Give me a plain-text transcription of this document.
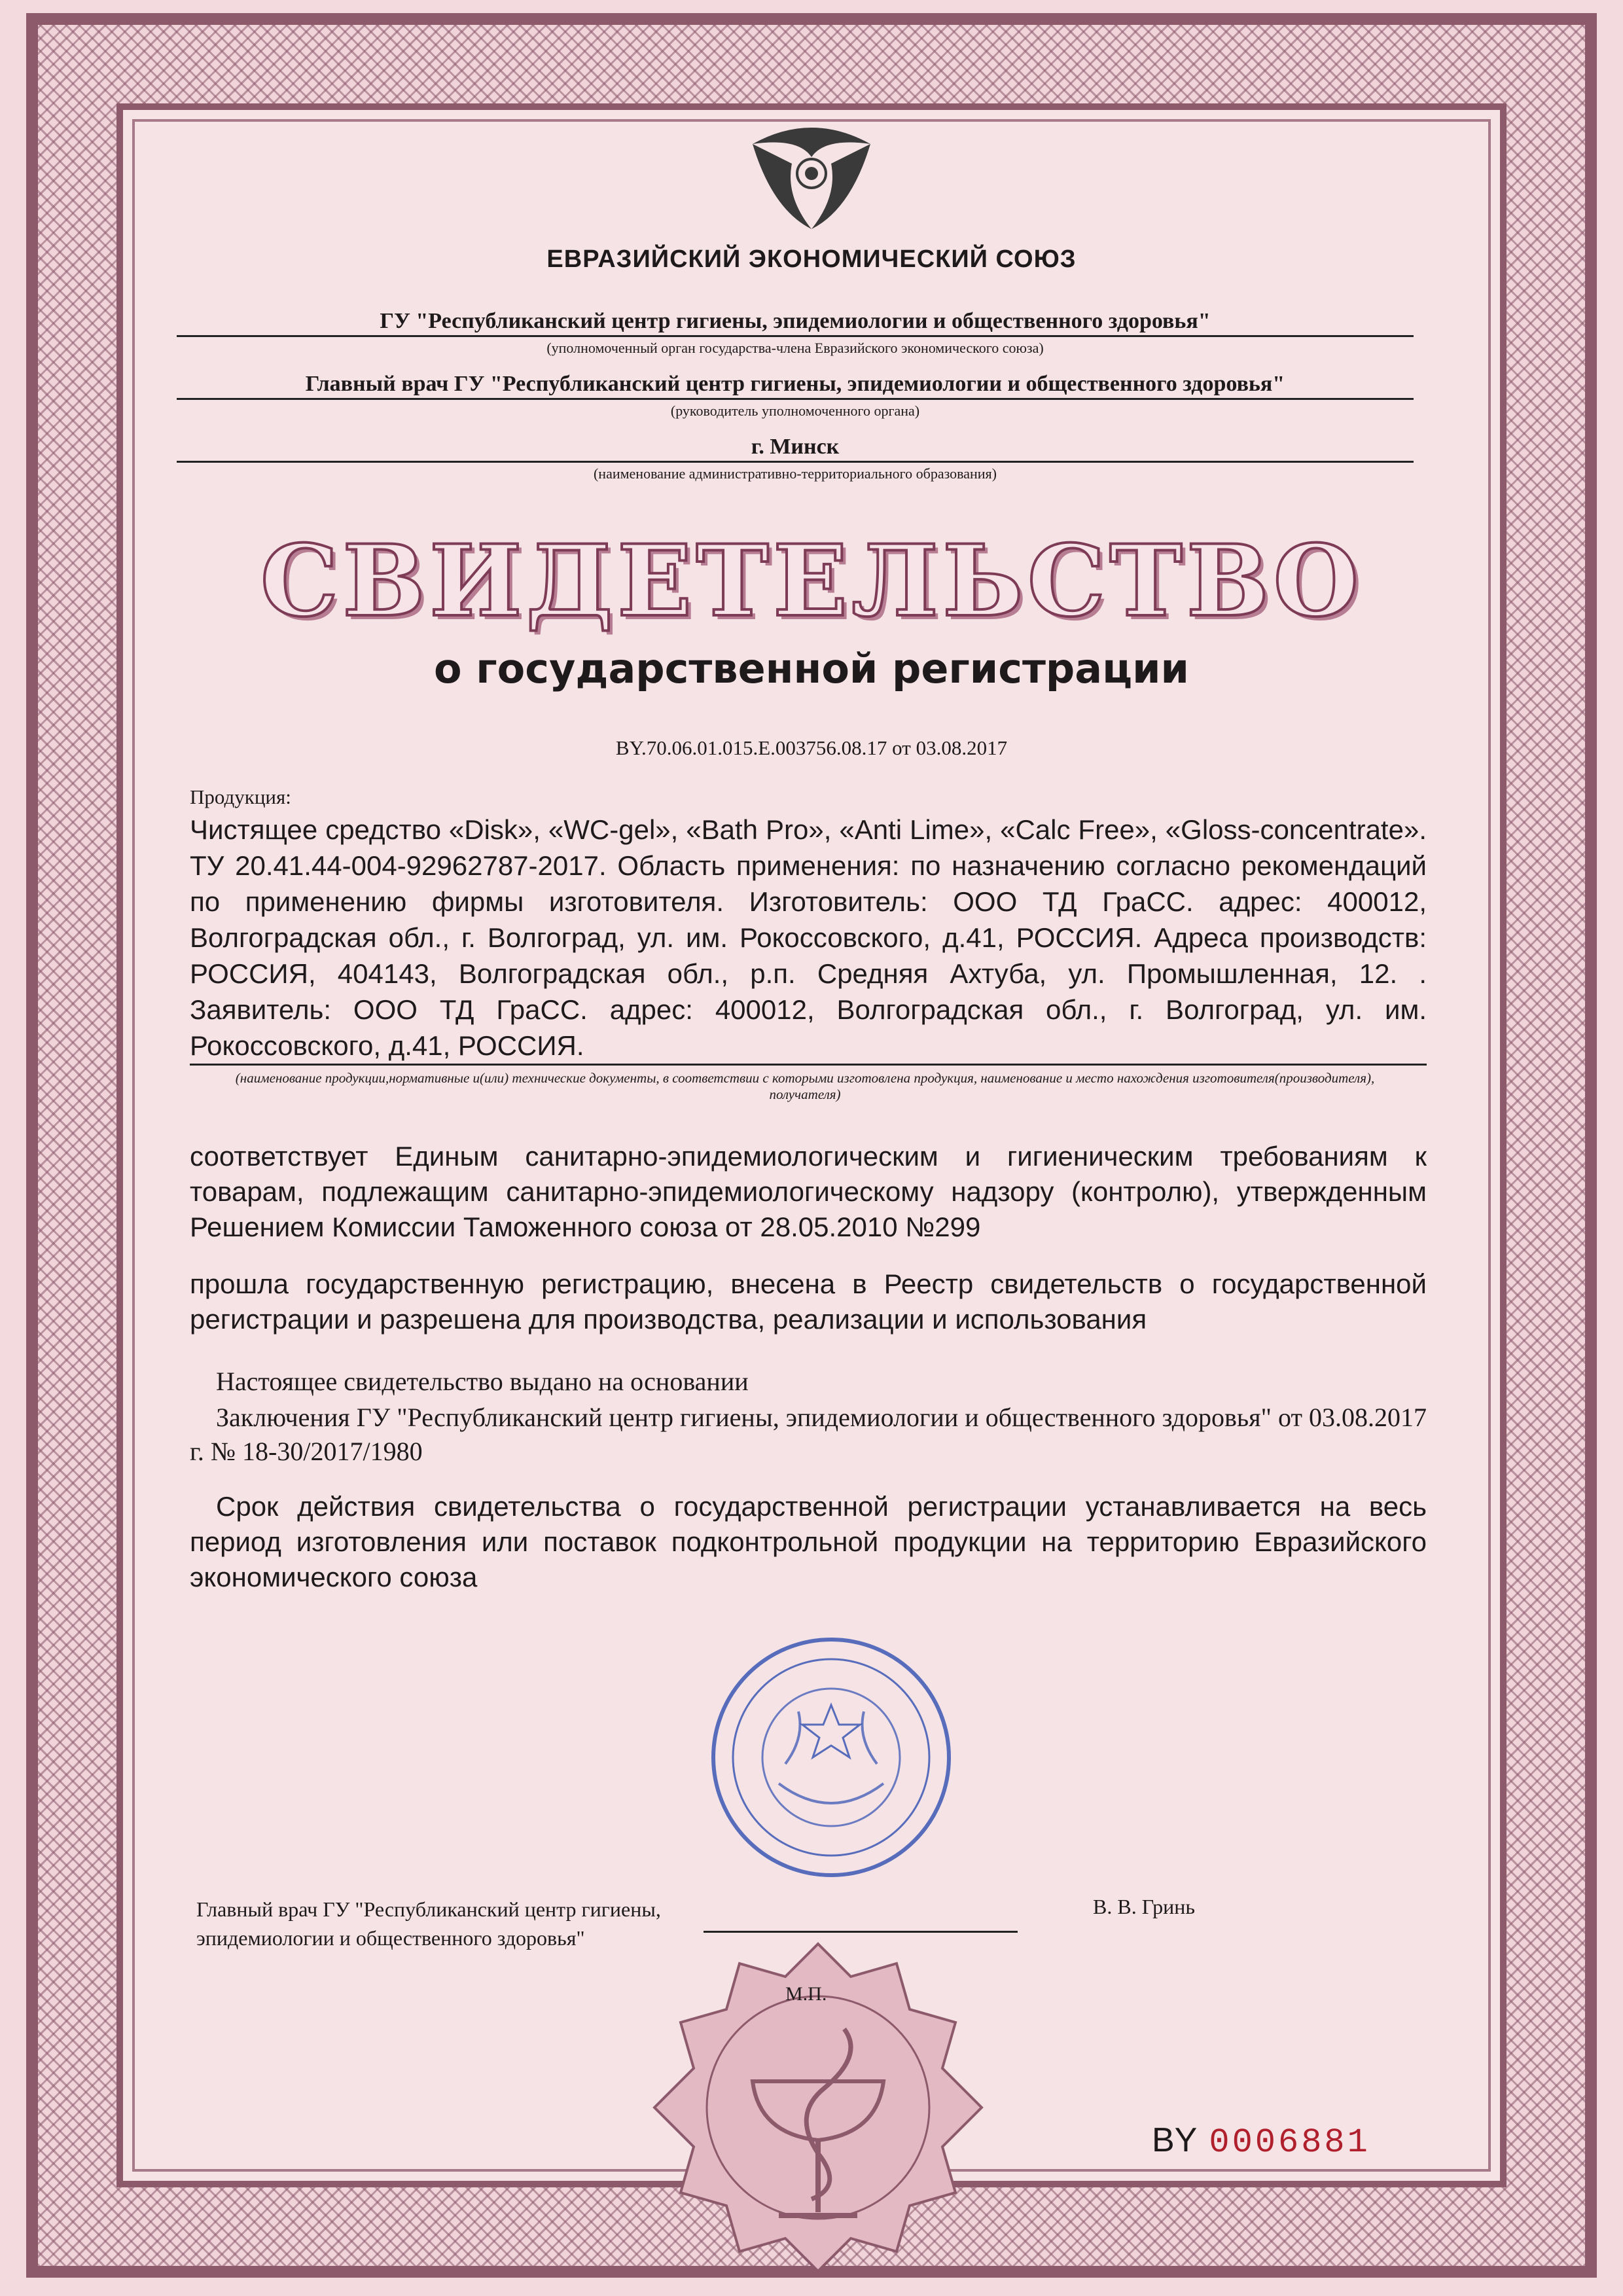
ЕВРАЗИЙСКИЙ ЭКОНОМИЧЕСКИЙ СОЮЗ
ГУ "Республиканский центр гигиены, эпидемиологии и общественного здоровья"
(уполномоченный орган государства-члена Евразийского экономического союза)
Главный врач ГУ "Республиканский центр гигиены, эпидемиологии и общественного здоровья"
(руководитель уполномоченного органа)
г. Минск
(наименование административно-территориального образования)
СВИДЕТЕЛЬСТВО
о государственной регистрации
BY.70.06.01.015.E.003756.08.17 от 03.08.2017
Продукция:
Чистящее средство «Disk», «WC-gel», «Bath Pro», «Anti Lime», «Calc Free», «Gloss-concentrate». ТУ 20.41.44-004-92962787-2017. Область применения: по назначению согласно рекомендаций по применению фирмы изготовителя. Изготовитель: ООО ТД ГраСС. адрес: 400012, Волгоградская обл., г. Волгоград, ул. им. Рокоссовского, д.41, РОССИЯ. Адреса производств: РОССИЯ, 404143, Волгоградская обл., р.п. Средняя Ахтуба, ул. Промышленная, 12. . Заявитель: ООО ТД ГраСС. адрес: 400012, Волгоградская обл., г. Волгоград, ул. им. Рокоссовского, д.41, РОССИЯ.
(наименование продукции,нормативные и(или) технические документы, в соответствии с которыми изготовлена продукция, наименование и место нахождения изготовителя(производителя), получателя)
соответствует Единым санитарно-эпидемиологическим и гигиеническим требованиям к товарам, подлежащим санитарно-эпидемиологическому надзору (контролю), утвержденным Решением Комиссии Таможенного союза от 28.05.2010 №299
прошла государственную регистрацию, внесена в Реестр свидетельств о государственной регистрации и разрешена для производства, реализации и использования
Настоящее свидетельство выдано на основании
Заключения ГУ "Республиканский центр гигиены, эпидемиологии и общественного здоровья" от 03.08.2017 г. № 18-30/2017/1980
Срок действия свидетельства о государственной регистрации устанавливается на весь период изготовления или поставок подконтрольной продукции на территорию Евразийского экономического союза
Главный врач ГУ "Республиканский центр гигиены, эпидемиологии и общественного здоровья"
В. В. Гринь
М.П.
BY 0006881
